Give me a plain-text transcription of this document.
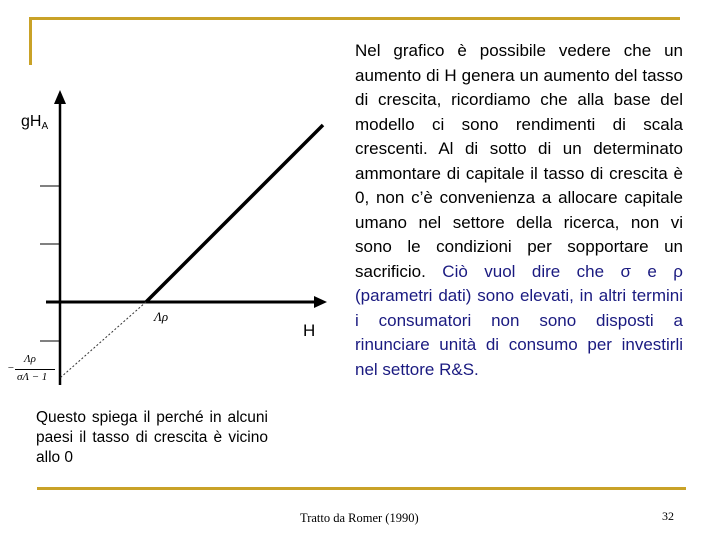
$gH_A$
H
Λρ
−
Λρ
σΛ − 1
Questo spiega il perché in alcuni paesi il tasso di crescita è vicino allo 0
Nel grafico è possibile vedere che un aumento di H genera un aumento del tasso di crescita, ricordiamo che alla base del modello ci sono rendimenti di scala crescenti. Al di sotto di un determinato ammontare di capitale il tasso di crescita è 0, non c’è convenienza a allocare capitale umano nel settore della ricerca, non vi sono le condizioni per sopportare un sacrificio. Ciò vuol dire che σ e ρ (parametri dati) sono elevati, in altri termini i consumatori non sono disposti a rinunciare unità di consumo per investirli nel settore R&S.
Tratto da Romer (1990)	32
